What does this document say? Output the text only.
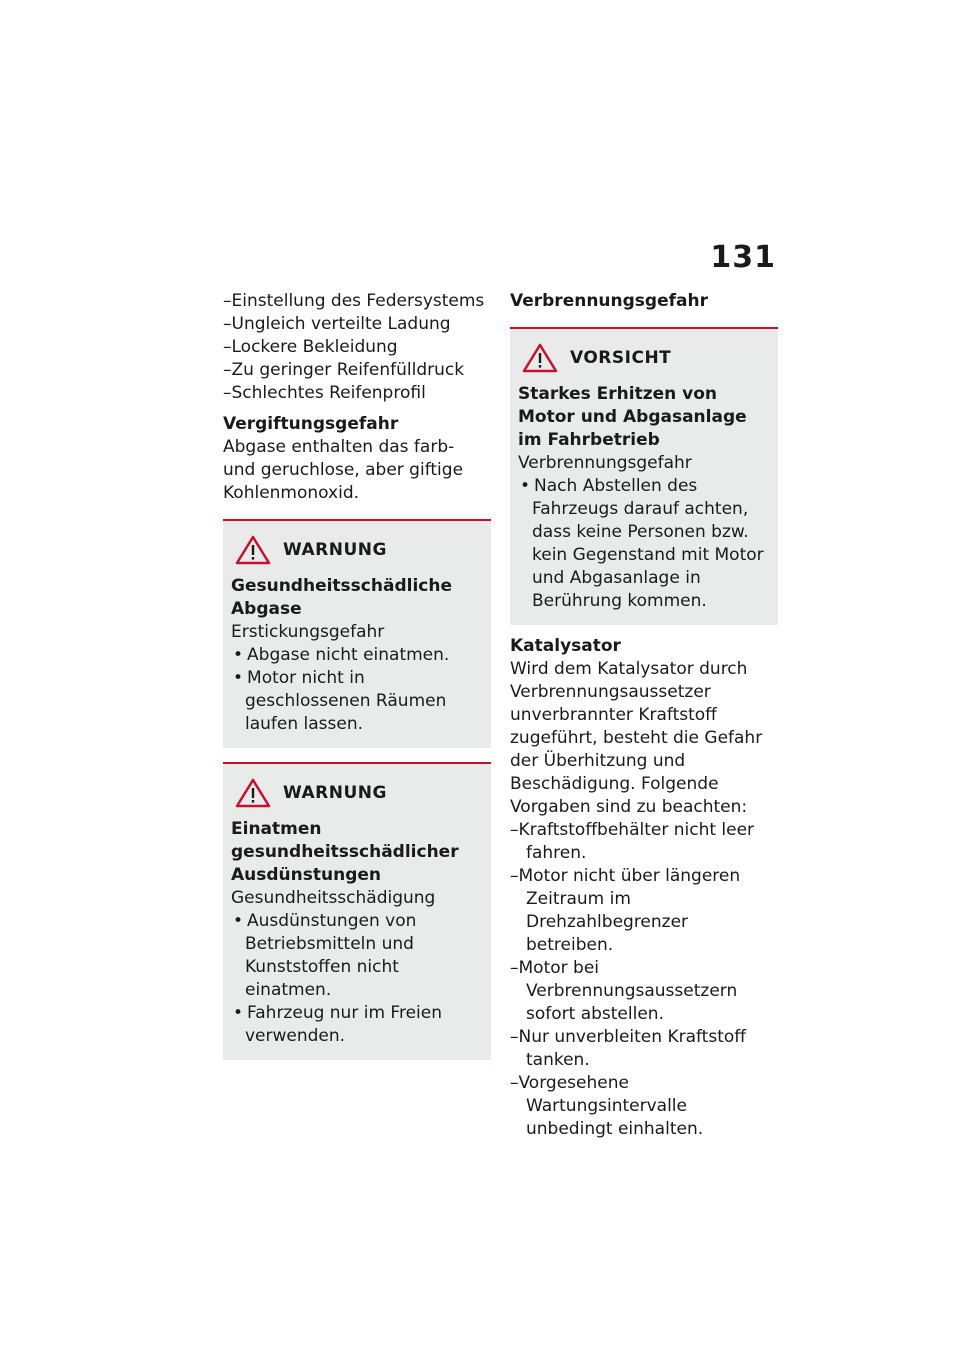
131
–Einstellung des Federsystems
–Ungleich verteilte Ladung
–Lockere Bekleidung
–Zu geringer Reifenfülldruck
–Schlechtes Reifenprofil
Vergiftungsgefahr

Abgase enthalten das farb- und geruchlose, aber giftige Kohlenmonoxid.

WARNUNG
Gesundheitsschädliche Abgase
Erstickungsgefahr
• Abgase nicht einatmen.
• Motor nicht in geschlossenen Räumen laufen lassen.
WARNUNG
Einatmen gesundheitsschädlicher Ausdünstungen
Gesundheitsschädigung
• Ausdünstungen von Betriebsmitteln und Kunststoffen nicht einatmen.
• Fahrzeug nur im Freien verwenden.
Verbrennungsgefahr
VORSICHT
Starkes Erhitzen von Motor und Abgasanlage im Fahrbetrieb
Verbrennungsgefahr
• Nach Abstellen des Fahrzeugs darauf achten, dass keine Personen bzw. kein Gegenstand mit Motor und Abgasanlage in Berührung kommen.
Katalysator

Wird dem Katalysator durch Verbrennungsaussetzer unverbrannter Kraftstoff zugeführt, besteht die Gefahr der Überhitzung und Beschädigung. Folgende Vorgaben sind zu beachten:

–Kraftstoffbehälter nicht leer fahren.
–Motor nicht über längeren Zeitraum im Drehzahlbegrenzer betreiben.
–Motor bei Verbrennungsaussetzern sofort abstellen.
–Nur unverbleiten Kraftstoff tanken.
–Vorgesehene Wartungsintervalle unbedingt einhalten.
